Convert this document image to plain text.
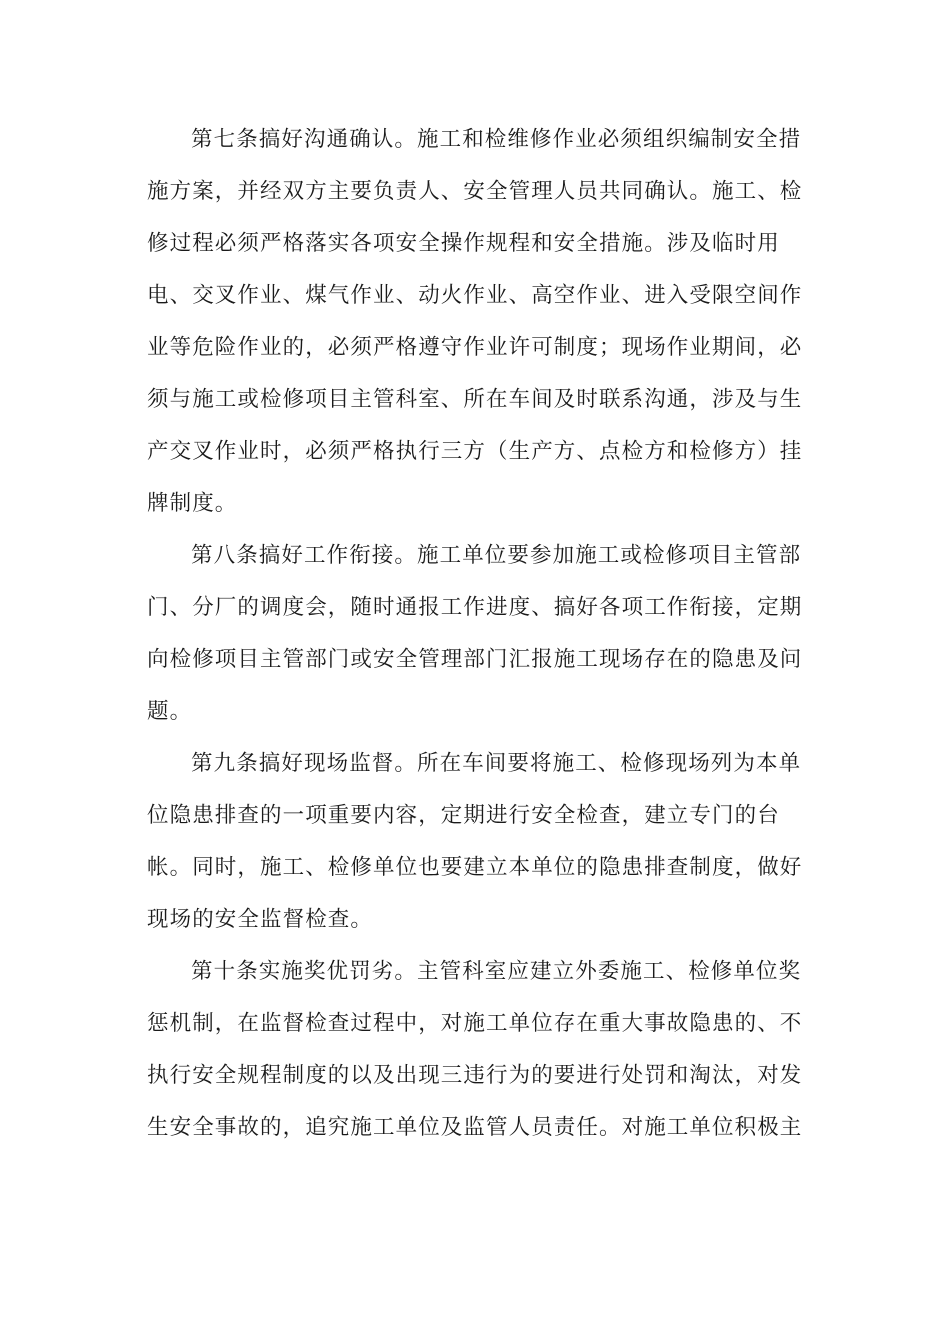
第七条搞好沟通确认。施工和检维修作业必须组织编制安全措
施方案，并经双方主要负责人、安全管理人员共同确认。施工、检
修过程必须严格落实各项安全操作规程和安全措施。涉及临时用
电、交叉作业、煤气作业、动火作业、高空作业、进入受限空间作
业等危险作业的，必须严格遵守作业许可制度；现场作业期间，必
须与施工或检修项目主管科室、所在车间及时联系沟通，涉及与生
产交叉作业时，必须严格执行三方（生产方、点检方和检修方）挂
牌制度。
第八条搞好工作衔接。施工单位要参加施工或检修项目主管部
门、分厂的调度会，随时通报工作进度、搞好各项工作衔接，定期
向检修项目主管部门或安全管理部门汇报施工现场存在的隐患及问
题。
第九条搞好现场监督。所在车间要将施工、检修现场列为本单
位隐患排查的一项重要内容，定期进行安全检查，建立专门的台
帐。同时，施工、检修单位也要建立本单位的隐患排查制度，做好
现场的安全监督检查。
第十条实施奖优罚劣。主管科室应建立外委施工、检修单位奖
惩机制，在监督检查过程中，对施工单位存在重大事故隐患的、不
执行安全规程制度的以及出现三违行为的要进行处罚和淘汰，对发
生安全事故的，追究施工单位及监管人员责任。对施工单位积极主
